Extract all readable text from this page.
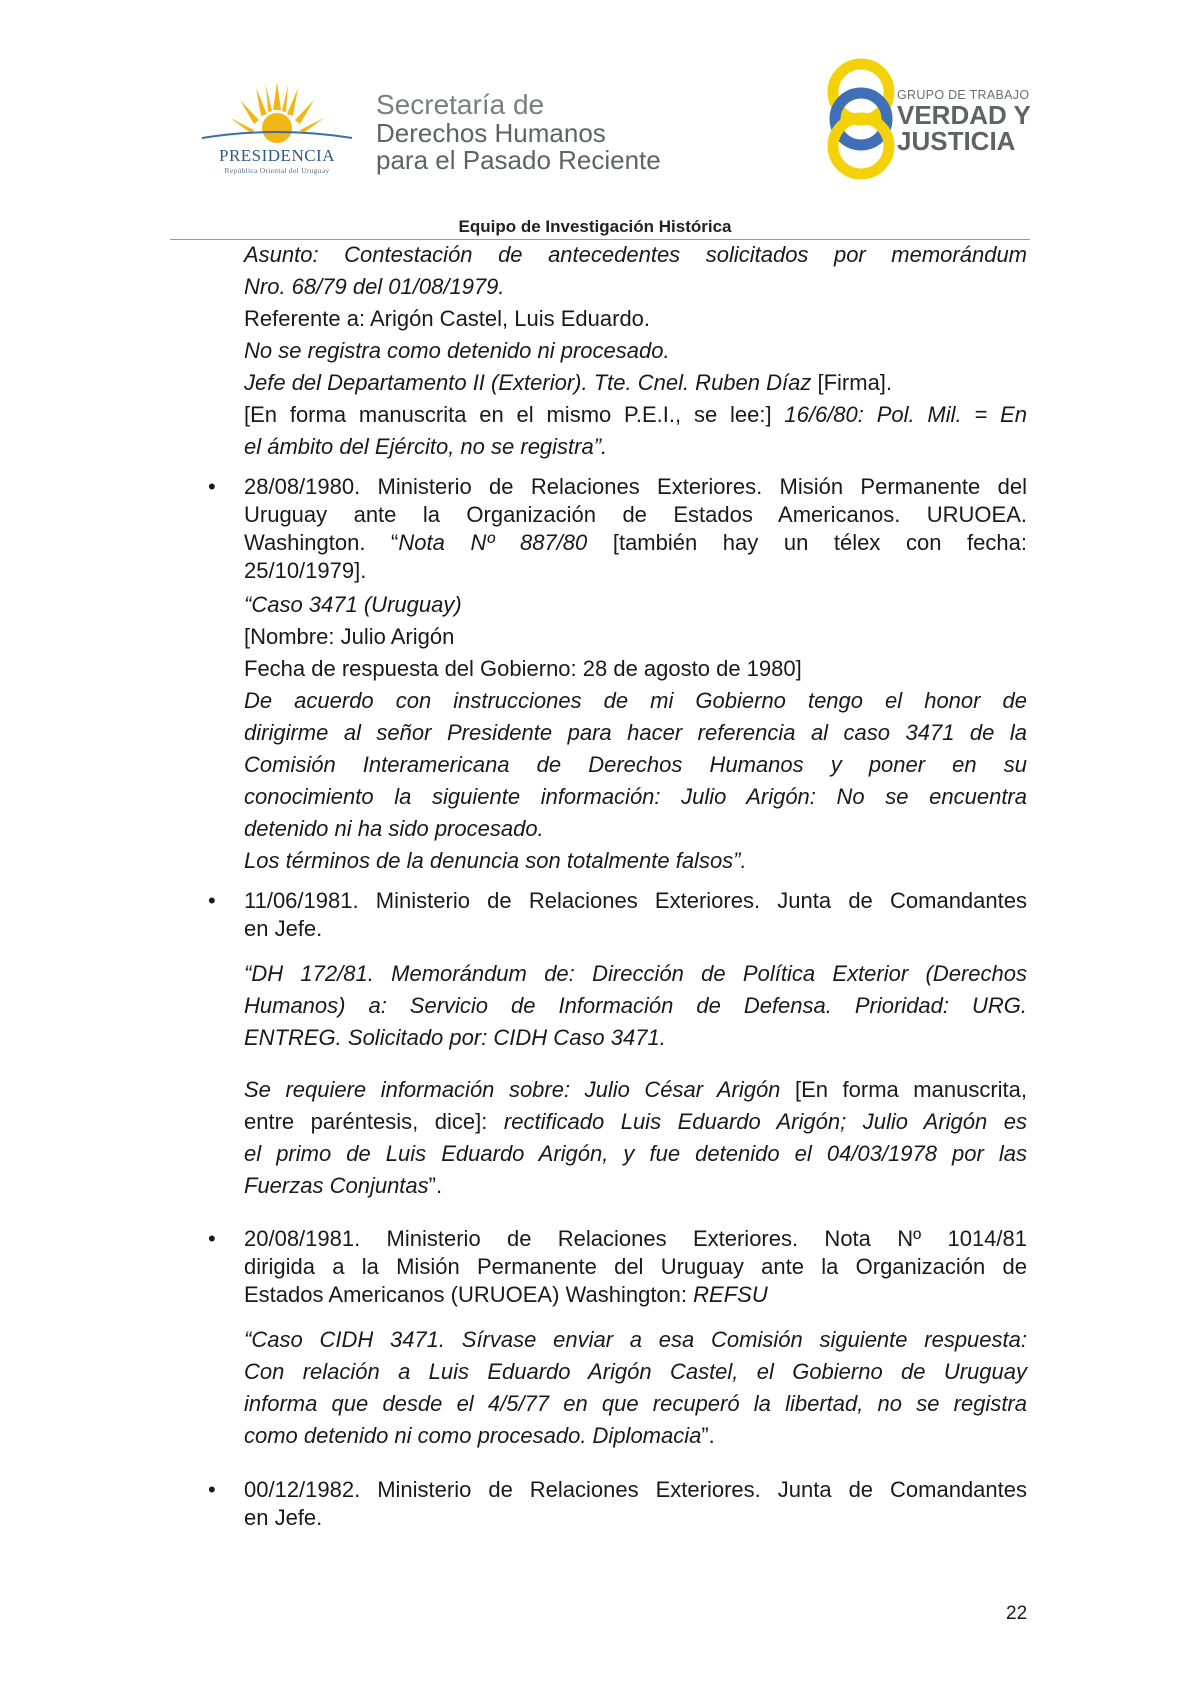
PRESIDENCIA
República Oriental del Uruguay
Secretaría de
Derechos Humanos
para el Pasado Reciente
GRUPO DE TRABAJO
VERDAD Y
JUSTICIA
Equipo de Investigación Histórica
Asunto: Contestación de antecedentes solicitados por memorándum
Nro. 68/79 del 01/08/1979.
Referente a: Arigón Castel, Luis Eduardo.
No se registra como detenido ni procesado.
Jefe del Departamento II (Exterior). Tte. Cnel. Ruben Díaz [Firma].
[En forma manuscrita en el mismo P.E.I., se lee:] 16/6/80: Pol. Mil. = En
el ámbito del Ejército, no se registra”.
• 28/08/1980. Ministerio de Relaciones Exteriores. Misión Permanente del
Uruguay ante la Organización de Estados Americanos. URUOEA.
Washington. “Nota Nº 887/80 [también hay un télex con fecha:
25/10/1979].
“Caso 3471 (Uruguay)
[Nombre: Julio Arigón
Fecha de respuesta del Gobierno: 28 de agosto de 1980]
De acuerdo con instrucciones de mi Gobierno tengo el honor de
dirigirme al señor Presidente para hacer referencia al caso 3471 de la
Comisión Interamericana de Derechos Humanos y poner en su
conocimiento la siguiente información: Julio Arigón: No se encuentra
detenido ni ha sido procesado.
Los términos de la denuncia son totalmente falsos”.
• 11/06/1981. Ministerio de Relaciones Exteriores. Junta de Comandantes
en Jefe.
“DH 172/81. Memorándum de: Dirección de Política Exterior (Derechos
Humanos) a: Servicio de Información de Defensa. Prioridad: URG.
ENTREG. Solicitado por: CIDH Caso 3471.
Se requiere información sobre: Julio César Arigón [En forma manuscrita,
entre paréntesis, dice]: rectificado Luis Eduardo Arigón; Julio Arigón es
el primo de Luis Eduardo Arigón, y fue detenido el 04/03/1978 por las
Fuerzas Conjuntas”.
• 20/08/1981. Ministerio de Relaciones Exteriores. Nota Nº 1014/81
dirigida a la Misión Permanente del Uruguay ante la Organización de
Estados Americanos (URUOEA) Washington: REFSU
“Caso CIDH 3471. Sírvase enviar a esa Comisión siguiente respuesta:
Con relación a Luis Eduardo Arigón Castel, el Gobierno de Uruguay
informa que desde el 4/5/77 en que recuperó la libertad, no se registra
como detenido ni como procesado. Diplomacia”.
• 00/12/1982. Ministerio de Relaciones Exteriores. Junta de Comandantes
en Jefe.
22
